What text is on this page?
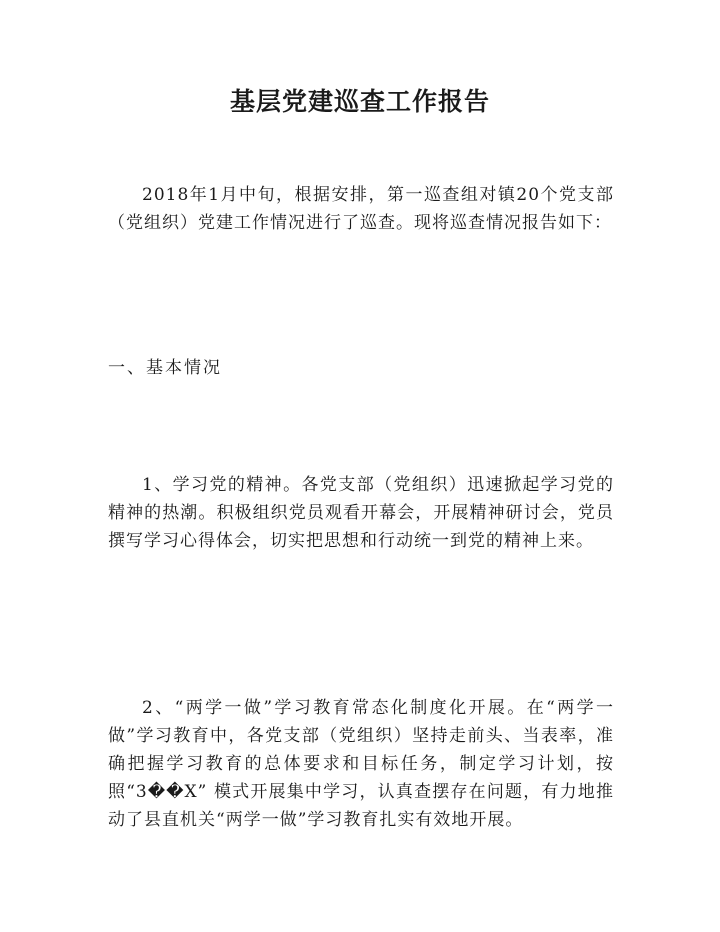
基层党建巡查工作报告

2018年1月中旬，根据安排，第一巡查组对镇20个党支部（党组织）党建工作情况进行了巡查。现将巡查情况报告如下：

一、基本情况

1、学习党的精神。各党支部（党组织）迅速掀起学习党的精神的热潮。积极组织党员观看开幕会，开展精神研讨会，党员撰写学习心得体会，切实把思想和行动统一到党的精神上来。

2、“两学一做”学习教育常态化制度化开展。在“两学一做”学习教育中，各党支部（党组织）坚持走前头、当表率，准确把握学习教育的总体要求和目标任务，制定学习计划，按照“3��X” 模式开展集中学习，认真查摆存在问题，有力地推动了县直机关“两学一做”学习教育扎实有效地开展。
